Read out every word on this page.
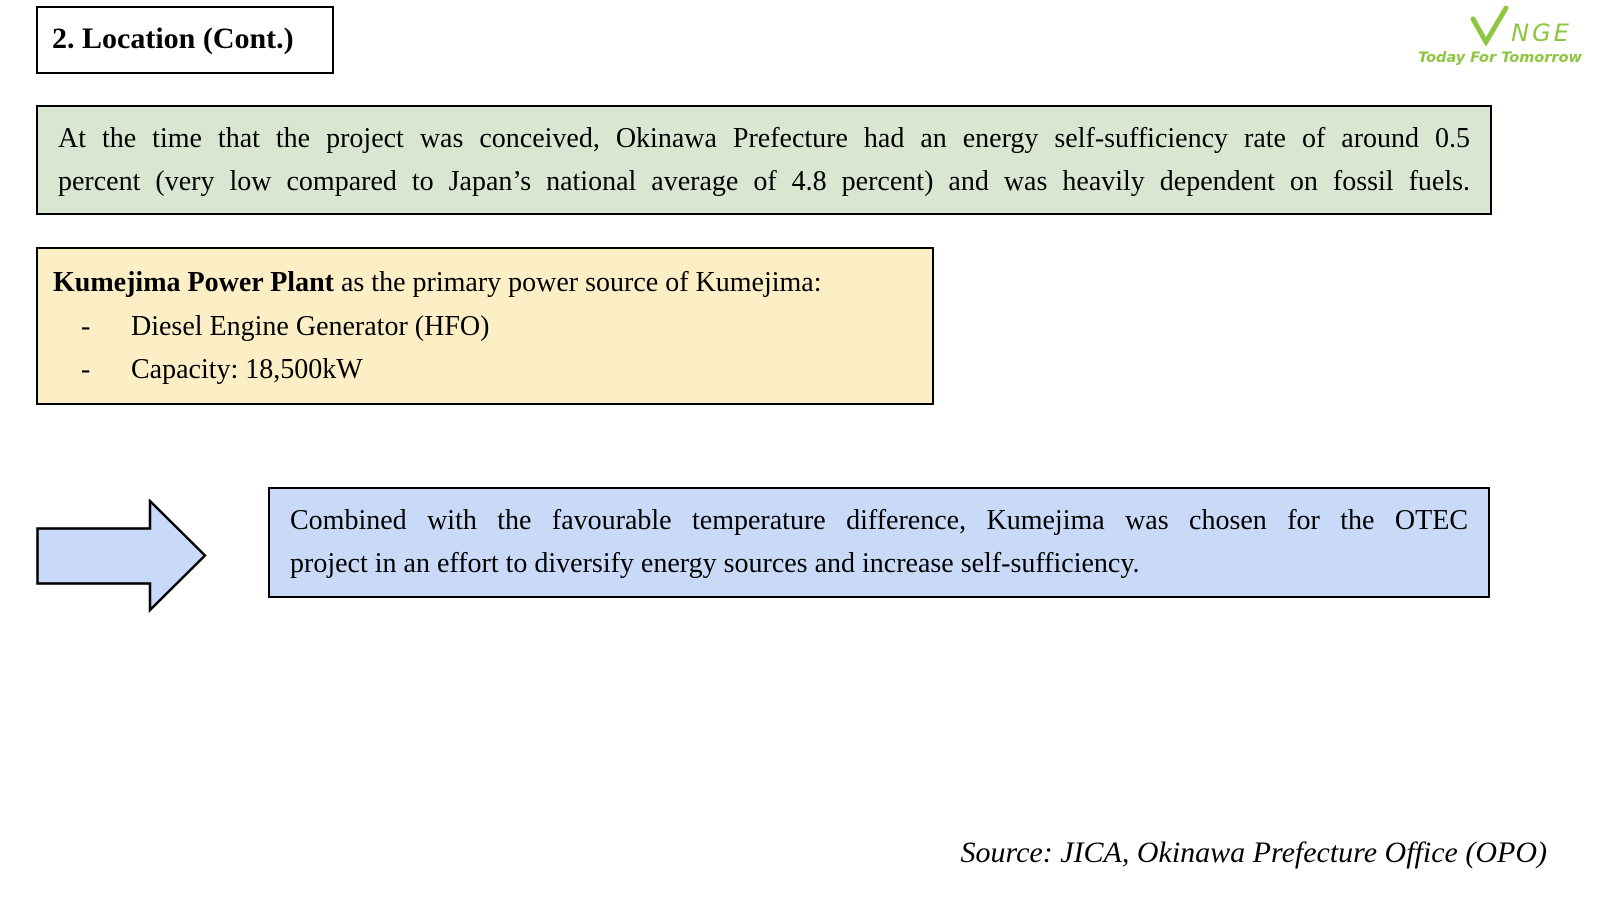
2. Location (Cont.)	NGE
Today For Tomorrow
At the time that the project was conceived, Okinawa Prefecture had an energy self-sufficiency rate of around 0.5
percent (very low compared to Japan’s national average of 4.8 percent) and was heavily dependent on fossil fuels.
Kumejima Power Plant as the primary power source of Kumejima:
-	Diesel Engine Generator (HFO)
-	Capacity: 18,500kW
Combined with the favourable temperature difference, Kumejima was chosen for the OTEC
project in an effort to diversify energy sources and increase self-sufficiency.
Source: JICA, Okinawa Prefecture Office (OPO)
